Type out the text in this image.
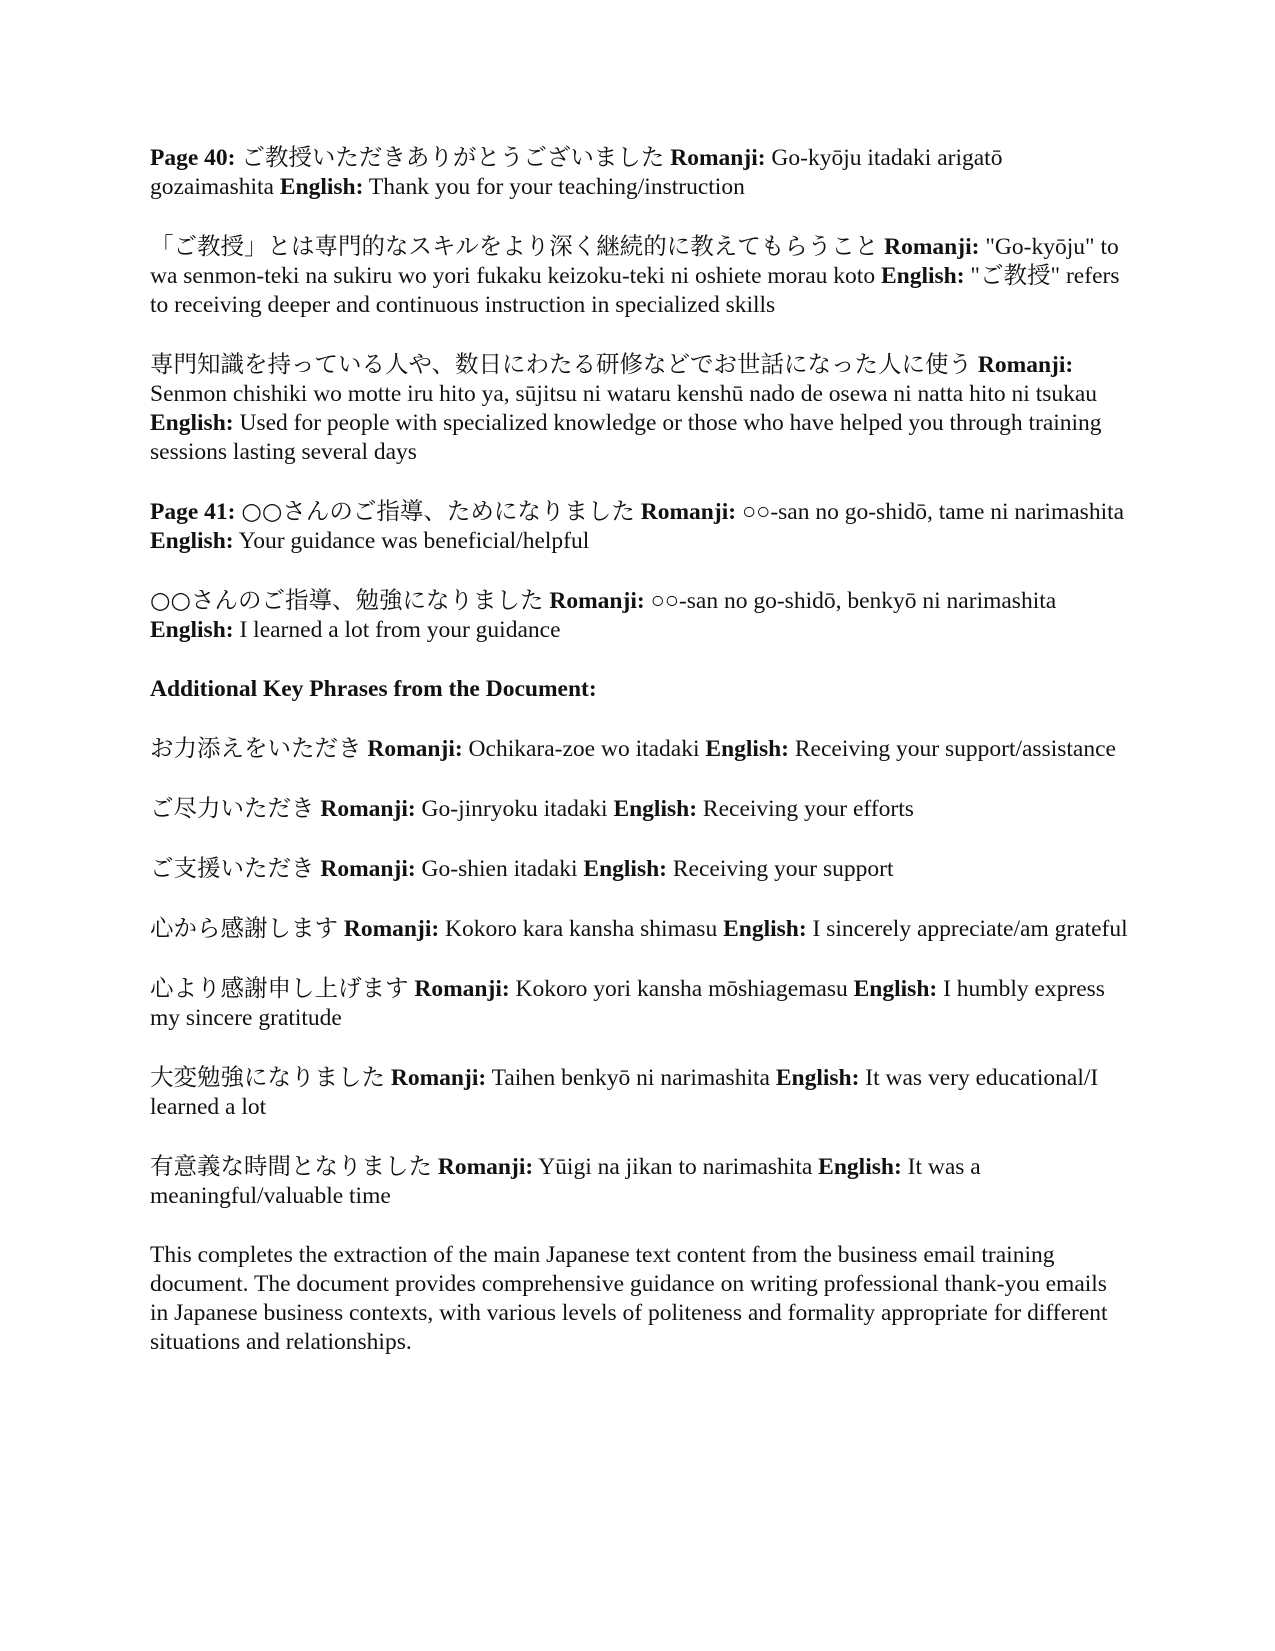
Page 40: ご教授いただきありがとうございました Romanji: Go-kyōju itadaki arigatō gozaimashita English: Thank you for your teaching/instruction

「ご教授」とは専門的なスキルをより深く継続的に教えてもらうこと Romanji: "Go-kyōju" to wa senmon-teki na sukiru wo yori fukaku keizoku-teki ni oshiete morau koto English: "ご教授" refers to receiving deeper and continuous instruction in specialized skills

専門知識を持っている人や、数日にわたる研修などでお世話になった人に使う Romanji: Senmon chishiki wo motte iru hito ya, sūjitsu ni wataru kenshū nado de osewa ni natta hito ni tsukau English: Used for people with specialized knowledge or those who have helped you through training sessions lasting several days

Page 41: ○○さんのご指導、ためになりました Romanji: ○○-san no go-shidō, tame ni narimashita English: Your guidance was beneficial/helpful

○○さんのご指導、勉強になりました Romanji: ○○-san no go-shidō, benkyō ni narimashita English: I learned a lot from your guidance

Additional Key Phrases from the Document:

お力添えをいただき Romanji: Ochikara-zoe wo itadaki English: Receiving your support/assistance

ご尽力いただき Romanji: Go-jinryoku itadaki English: Receiving your efforts

ご支援いただき Romanji: Go-shien itadaki English: Receiving your support

心から感謝します Romanji: Kokoro kara kansha shimasu English: I sincerely appreciate/am grateful

心より感謝申し上げます Romanji: Kokoro yori kansha mōshiagemasu English: I humbly express my sincere gratitude

大変勉強になりました Romanji: Taihen benkyō ni narimashita English: It was very educational/I learned a lot

有意義な時間となりました Romanji: Yūigi na jikan to narimashita English: It was a meaningful/valuable time

This completes the extraction of the main Japanese text content from the business email training document. The document provides comprehensive guidance on writing professional thank-you emails in Japanese business contexts, with various levels of politeness and formality appropriate for different situations and relationships.
